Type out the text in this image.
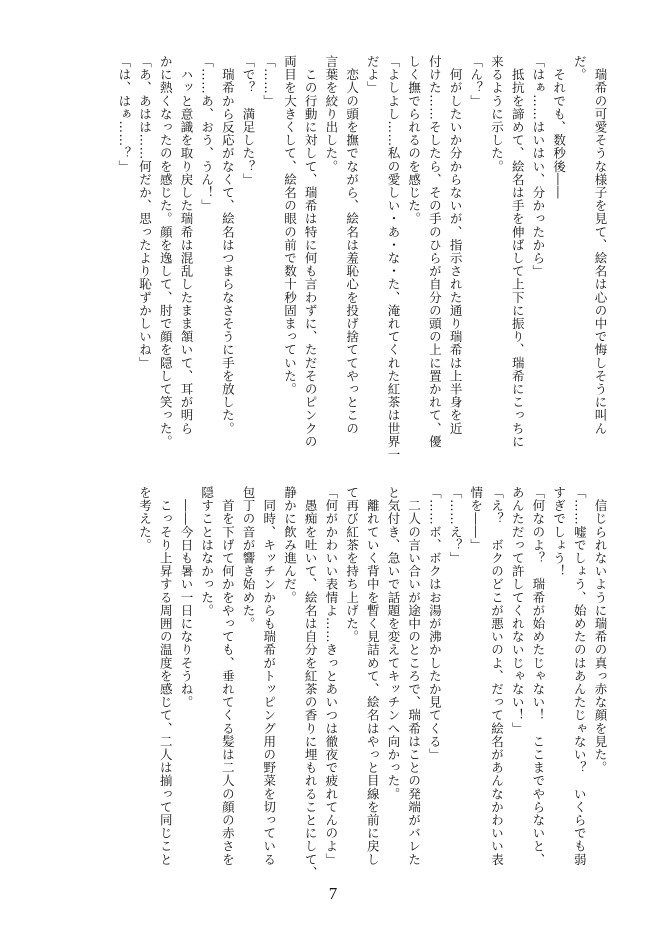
　瑞希の可愛そうな様子を見て、絵名は心の中で悔しそうに叫ん
だ。
　それでも、数秒後――
「はぁ……はいはい、分かったから」
　抵抗を諦めて、絵名は手を伸ばして上下に振り、瑞希にこっちに
来るように示した。
「ん？」
　何がしたいか分からないが、指示された通り瑞希は上半身を近
付けた……そしたら、その手のひらが自分の頭の上に置かれて、優
しく撫でられるのを感じた。
「よしよし……私の愛しい・あ・な・た、淹れてくれた紅茶は世界一
だよ」
　恋人の頭を撫でながら、絵名は羞恥心を投げ捨ててやっとこの
言葉を絞り出した。
　この行動に対して、瑞希は特に何も言わずに、ただそのピンクの
両目を大きくして、絵名の眼の前で数十秒固まっていた。
「……」
「で？　満足した？」
　瑞希から反応がなくて、絵名はつまらなさそうに手を放した。
「……あ、おう、うん！」
　ハッと意識を取り戻した瑞希は混乱したまま頷いて、耳が明ら
かに熱くなったのを感じた。顔を逸して、肘で顔を隠して笑った。
「あ、あはは……何だか、思ったより恥ずかしいね」
「は、はぁ……？」
　信じられないように瑞希の真っ赤な顔を見た。
「……嘘でしょう、始めたのはあんたじゃない？　いくらでも弱
すぎでしょう！
「何なのよ？　瑞希が始めたじゃない！　ここまでやらないと、
あんただって許してくれないじゃない！」
「え？　ボクのどこが悪いのよ、だって絵名があんなかわいい表
情を――」
「……え？」
「……ボ、ボクはお湯が沸かしたか見てくる」
　二人の言い合いが途中のところで、瑞希はことの発端がバレた
と気付き、急いで話題を変えてキッチンへ向かった。
　離れていく背中を暫く見詰めて、絵名はやっと目線を前に戻し
て再び紅茶を持ち上げた。
「何がかわいい表情よ……きっとあいつは徹夜で疲れてんのよ」
　愚痴を吐いて、絵名は自分を紅茶の香りに埋もれることにして、
静かに飲み進んだ。
　同時、キッチンからも瑞希がトッピング用の野菜を切っている
包丁の音が響き始めた。
　首を下げて何かをやっても、垂れてくる髪は二人の顔の赤さを
隠すことはなかった。
　――今日も暑い一日になりそうね。
　こっそり上昇する周囲の温度を感じて、二人は揃って同じこと
を考えた。
7
